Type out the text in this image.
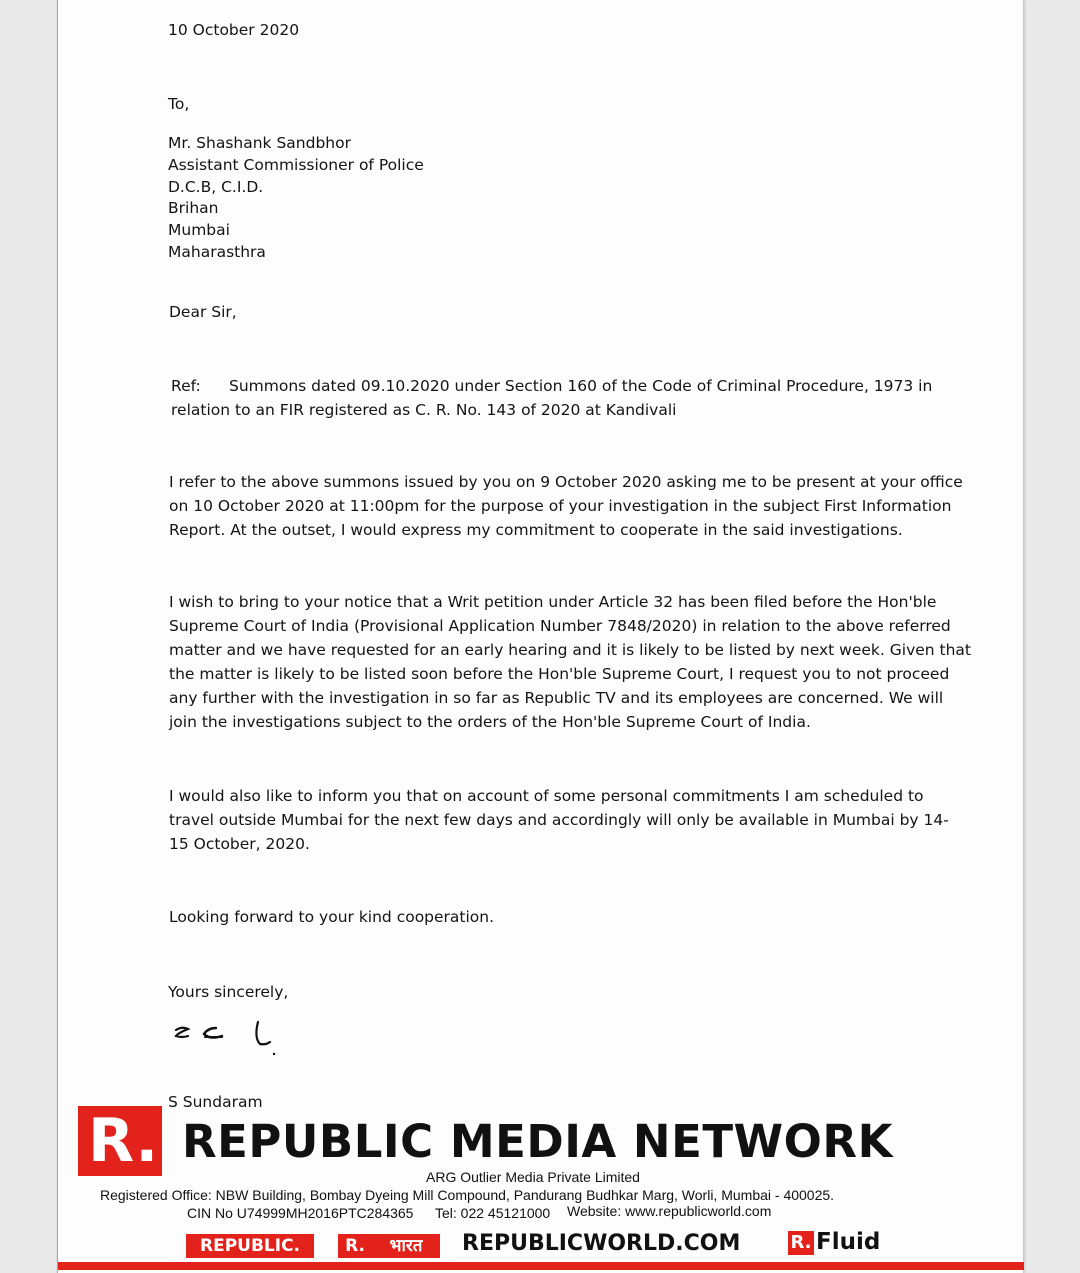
10 October 2020
To,
Mr. Shashank Sandbhor
Assistant Commissioner of Police
D.C.B, C.I.D.
Brihan
Mumbai
Maharasthra
Dear Sir,
Ref: Summons dated 09.10.2020 under Section 160 of the Code of Criminal Procedure, 1973 in
relation to an FIR registered as C. R. No. 143 of 2020 at Kandivali
I refer to the above summons issued by you on 9 October 2020 asking me to be present at your office
on 10 October 2020 at 11:00pm for the purpose of your investigation in the subject First Information
Report. At the outset, I would express my commitment to cooperate in the said investigations.
I wish to bring to your notice that a Writ petition under Article 32 has been filed before the Hon'ble
Supreme Court of India (Provisional Application Number 7848/2020) in relation to the above referred
matter and we have requested for an early hearing and it is likely to be listed by next week. Given that
the matter is likely to be listed soon before the Hon'ble Supreme Court, I request you to not proceed
any further with the investigation in so far as Republic TV and its employees are concerned. We will
join the investigations subject to the orders of the Hon'ble Supreme Court of India.
I would also like to inform you that on account of some personal commitments I am scheduled to
travel outside Mumbai for the next few days and accordingly will only be available in Mumbai by 14-
15 October, 2020.
Looking forward to your kind cooperation.
Yours sincerely,
S Sundaram
R. REPUBLIC MEDIA NETWORK
ARG Outlier Media Private Limited
Registered Office: NBW Building, Bombay Dyeing Mill Compound, Pandurang Budhkar Marg, Worli, Mumbai - 400025.
CIN No U74999MH2016PTC284365 Tel: 022 45121000 Website: www.republicworld.com
REPUBLIC.	R.	भारत	REPUBLICWORLD.COM	R. Fluid
